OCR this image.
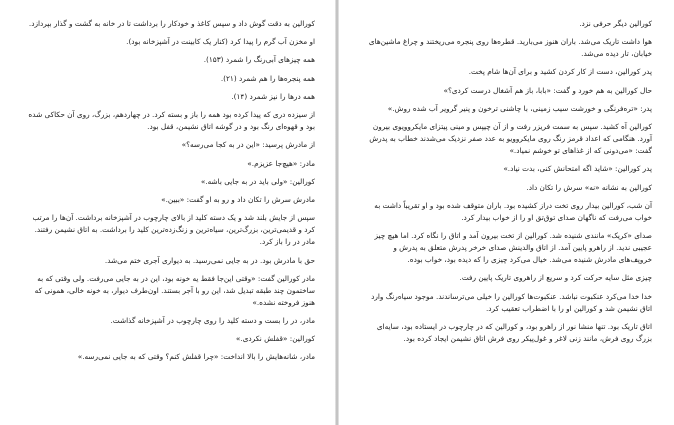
کورالین به دقت گوش داد و سپس کاغذ و خودکار را برداشت تا در خانه به گشت و گذار بپردازد.

او مخزن آب گرم را پیدا کرد (کنار یک کابینت در آشپزخانه بود).

همه چیزهای آبی‌رنگ را شمرد (۱۵۳).

همه پنجره‌ها را هم شمرد (۲۱).

همه درها را نیز شمرد (۱۴).

از سیزده دری که پیدا کرده بود همه را باز و بسته کرد. در چهاردهم، بزرگ، روی آن حکاکی شده بود و قهوه‌ای رنگ بود و در گوشه اتاق نشیمن، قفل بود.

از مادرش پرسید: «این در به کجا می‌رسه؟»

مادر: «هیچ‌جا عزیزم.»

کورالین: «ولی باید در به جایی باشه.»

مادرش سرش را تکان داد و رو به او گفت: «ببین.»

سپس از جایش بلند شد و یک دسته کلید از بالای چارچوب در آشپزخانه برداشت. آن‌ها را مرتب کرد و قدیمی‌ترین، بزرگ‌ترین، سیاه‌ترین و زنگ‌زده‌ترین کلید را برداشت. به اتاق نشیمن رفتند. مادر در را باز کرد.

حق با مادرش بود. در به جایی نمی‌رسید. به دیواری آجری ختم می‌شد.

مادر کورالین گفت: «وقتی این‌جا فقط یه خونه بود، این در به جایی می‌رفت. ولی وقتی که به ساختمون چند طبقه تبدیل شد، این رو با آجر بستند. اون‌طرف دیوار، به خونه خالی، همونی که هنوز فروخته نشده.»

مادر، در را بست و دسته کلید را روی چارچوب در آشپزخانه گذاشت.

کورالین: «قفلش نکردی.»

مادر، شانه‌هایش را بالا انداخت: «چرا قفلش کنم؟ وقتی که به جایی نمی‌رسه.»

کورالین دیگر حرفی نزد.

هوا داشت تاریک می‌شد. باران هنوز می‌بارید. قطره‌ها روی پنجره می‌ریختند و چراغ ماشین‌های خیابان، تار دیده می‌شد.

پدر کورالین، دست از کار کردن کشید و برای آن‌ها شام پخت.

حال کورالین به هم خورد و گفت: «بابا، باز هم آشغال درست کردی؟»

پدر: «تره‌فرنگی و خورشت سیب زمینی، با چاشنی ترخون و پنیر گرویر آب شده روش.»

کورالین آه کشید. سپس به سمت فریزر رفت و از آن چیپس و مینی پیتزای مایکروویوی بیرون آورد. هنگامی که اعداد قرمز رنگ روی مایکروویو به عدد صفر نزدیک می‌شدند خطاب به پدرش گفت: «می‌دونی که از غذاهای تو خوشم نمیاد.»

پدر کورالین: «شاید اگه امتحانش کنی، بدت نیاد.»

کورالین به نشانه «نه» سرش را تکان داد.

آن شب، کورالین بیدار روی تخت دراز کشیده بود. باران متوقف شده بود و او تقریباً داشت به خواب می‌رفت که ناگهان صدای توق‌تق او را از خواب بیدار کرد.

صدای «کریک» مانندی شنیده شد. کورالین از تخت بیرون آمد و اتاق را نگاه کرد. اما هیچ چیز عجیبی ندید. از راهرو پایین آمد. از اتاق والدینش صدای خرخر پدرش متعلق به پدرش و خروپف‌های مادرش شنیده می‌شد. خیال می‌کرد چیزی را که دیده بود، خواب بوده.

چیزی مثل سایه حرکت کرد و سریع از راهروی تاریک پایین رفت.

خدا خدا می‌کرد عنکبوت نباشد. عنکبوت‌ها کورالین را خیلی می‌ترساندند. موجود سیاه‌رنگ وارد اتاق نشیمن شد و کورالین او را با اضطراب تعقیب کرد.

اتاق تاریک بود. تنها منشا نور از راهرو بود، و کورالین که در چارچوب در ایستاده بود، سایه‌ای بزرگ روی فرش، مانند زنی لاغر و غول‌پیکر روی فرش اتاق نشیمن ایجاد کرده بود.
